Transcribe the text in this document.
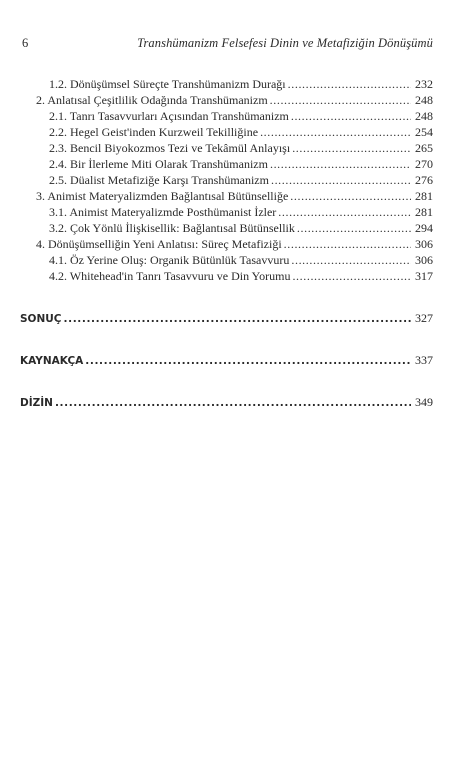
6	Transhümanizm Felsefesi Dinin ve Metafiziğin Dönüşümü
1.2. Dönüşümsel Süreçte Transhümanizm Durağı .....	232
2. Anlatısal Çeşitlilik Odağında Transhümanizm .....	248
2.1. Tanrı Tasavvurları Açısından Transhümanizm .....	248
2.2. Hegel Geist'inden Kurzweil Tekilliğine .....	254
2.3. Bencil Biyokozmos Tezi ve Tekâmül Anlayışı .....	265
2.4. Bir İlerleme Miti Olarak Transhümanizm .....	270
2.5. Düalist Metafiziğe Karşı Transhümanizm .....	276
3. Animist Materyalizmden Bağlantısal Bütünselliğe .....	281
3.1. Animist Materyalizmde Posthümanist İzler .....	281
3.2. Çok Yönlü İlişkisellik: Bağlantısal Bütünsellik .....	294
4. Dönüşümselliğin Yeni Anlatısı: Süreç Metafiziği .....	306
4.1. Öz Yerine Oluş: Organik Bütünlük Tasavvuru .....	306
4.2. Whitehead'in Tanrı Tasavvuru ve Din Yorumu .....	317
SONUÇ .....	327
KAYNAKÇA .....	337
DİZİN .....	349
